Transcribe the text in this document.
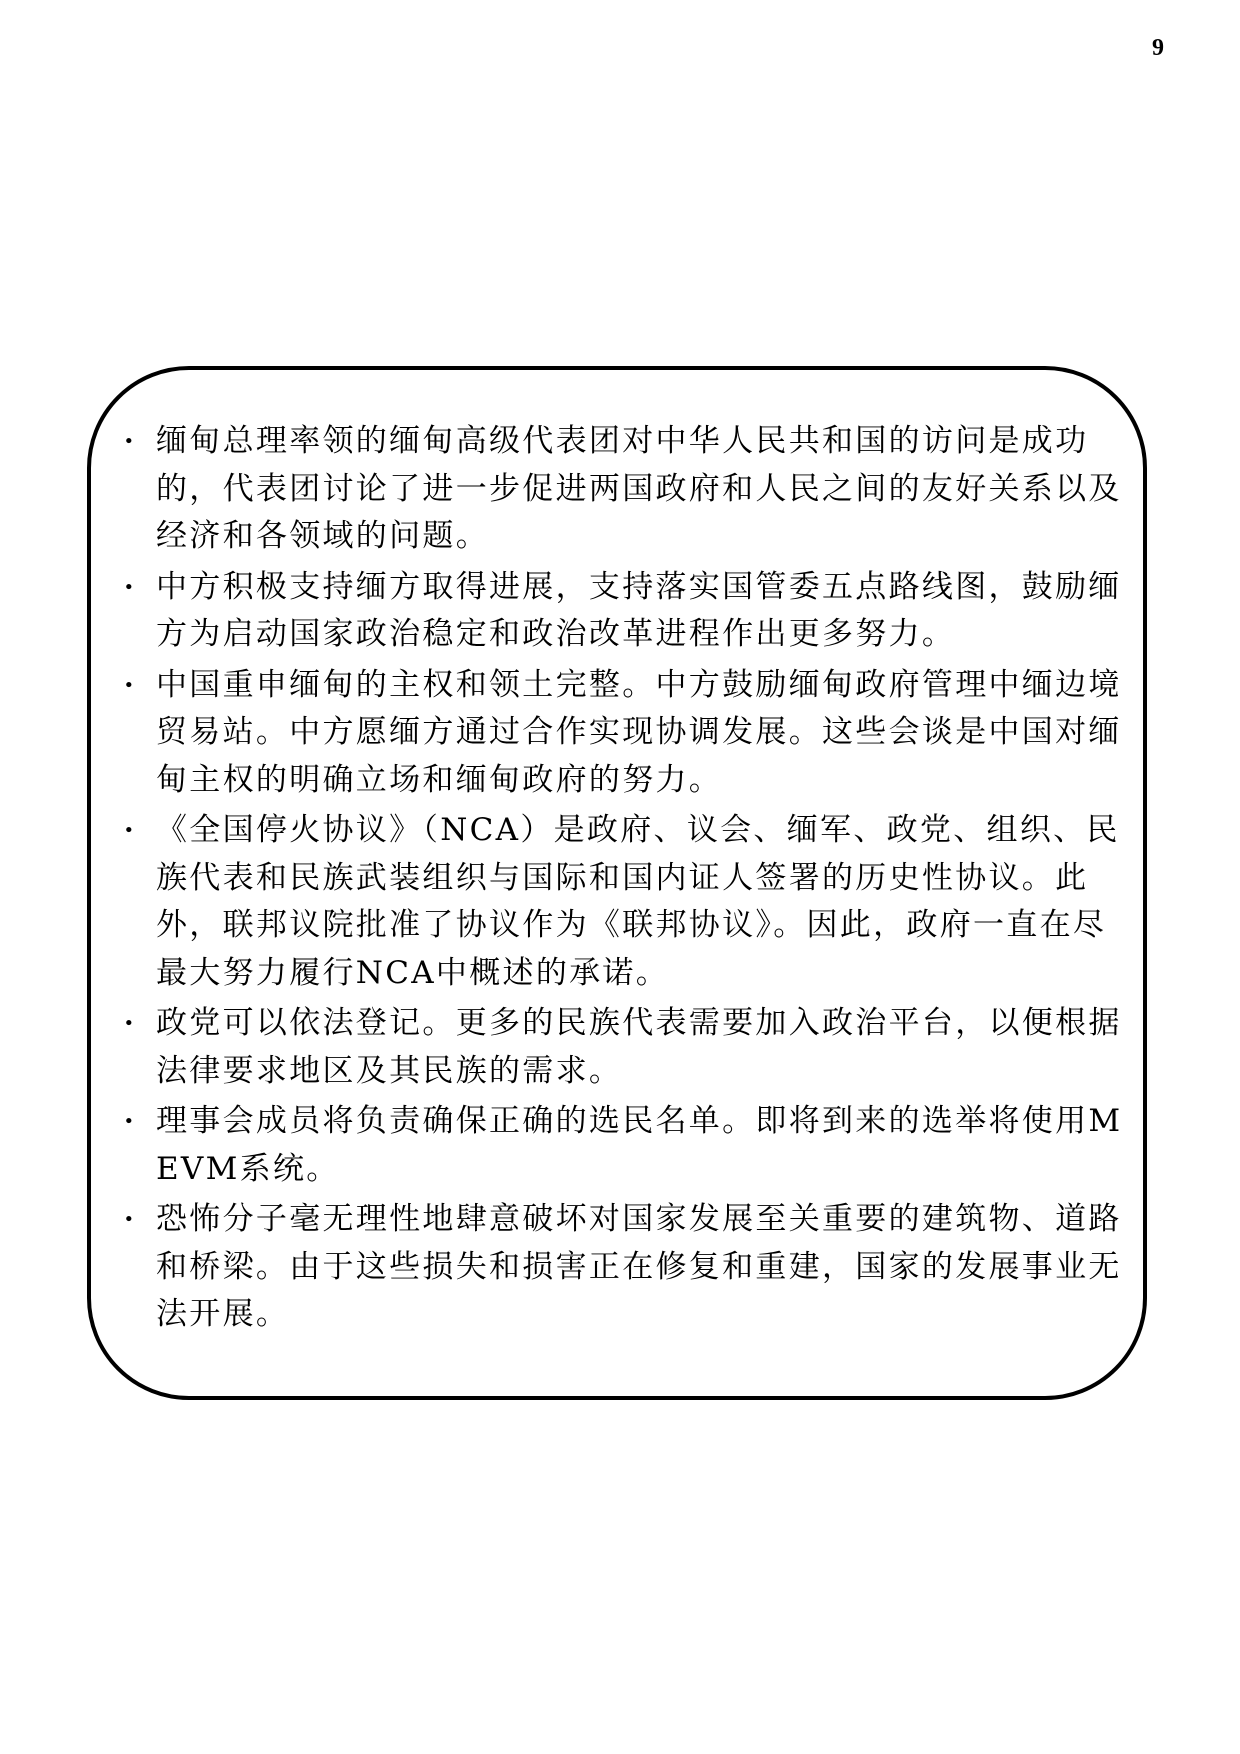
9
• 缅甸总理率领的缅甸高级代表团对中华人民共和国的访问是成功的，代表团讨论了进一步促进两国政府和人民之间的友好关系以及经济和各领域的问题。
• 中方积极支持缅方取得进展，支持落实国管委五点路线图，鼓励缅方为启动国家政治稳定和政治改革进程作出更多努力。
• 中国重申缅甸的主权和领土完整。中方鼓励缅甸政府管理中缅边境贸易站。中方愿缅方通过合作实现协调发展。这些会谈是中国对缅甸主权的明确立场和缅甸政府的努力。
• 《全国停火协议》（NCA）是政府、议会、缅军、政党、组织、民族代表和民族武装组织与国际和国内证人签署的历史性协议。此外，联邦议院批准了协议作为《联邦协议》。因此，政府一直在尽最大努力履行NCA中概述的承诺。
• 政党可以依法登记。更多的民族代表需要加入政治平台，以便根据法律要求地区及其民族的需求。
• 理事会成员将负责确保正确的选民名单。即将到来的选举将使用MEVM系统。
• 恐怖分子毫无理性地肆意破坏对国家发展至关重要的建筑物、道路和桥梁。由于这些损失和损害正在修复和重建，国家的发展事业无法开展。
